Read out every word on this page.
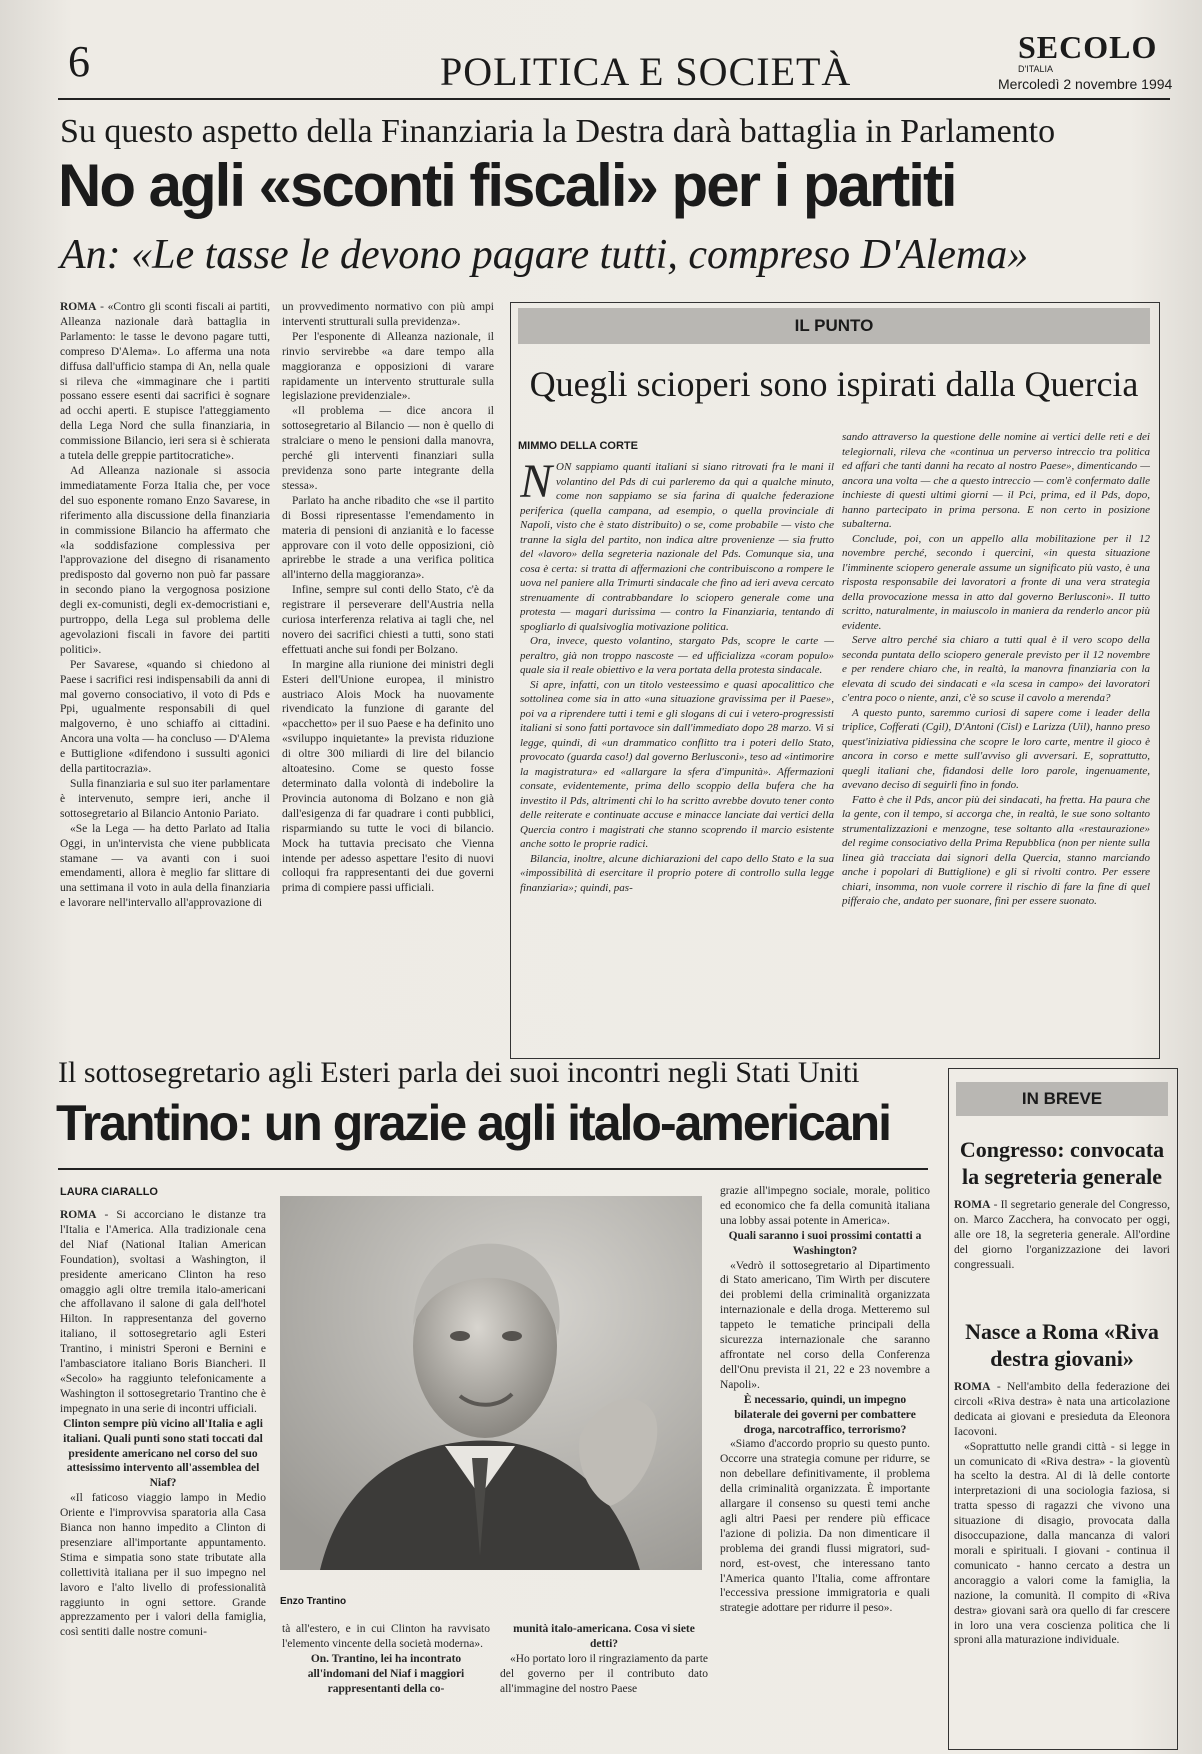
6	POLITICA E SOCIETÀ
SECOLO
D'ITALIA
Mercoledì 2 novembre 1994
Su questo aspetto della Finanziaria la Destra darà battaglia in Parlamento
No agli «sconti fiscali» per i partiti
An: «Le tasse le devono pagare tutti, compreso D'Alema»

ROMA - «Contro gli sconti fiscali ai partiti, Alleanza nazionale darà battaglia in Parlamento: le tasse le devono pagare tutti, compreso D'Alema». Lo afferma una nota diffusa dall'ufficio stampa di An, nella quale si rileva che «immaginare che i partiti possano essere esenti dai sacrifici è sognare ad occhi aperti. E stupisce l'atteggiamento della Lega Nord che sulla finanziaria, in commissione Bilancio, ieri sera si è schierata a tutela delle greppie partitocratiche».

Ad Alleanza nazionale si associa immediatamente Forza Italia che, per voce del suo esponente romano Enzo Savarese, in riferimento alla discussione della finanziaria in commissione Bilancio ha affermato che «la soddisfazione complessiva per l'approvazione del disegno di risanamento predisposto dal governo non può far passare in secondo piano la vergognosa posizione degli ex-comunisti, degli ex-democristiani e, purtroppo, della Lega sul problema delle agevolazioni fiscali in favore dei partiti politici».

Per Savarese, «quando si chiedono al Paese i sacrifici resi indispensabili da anni di mal governo consociativo, il voto di Pds e Ppi, ugualmente responsabili di quel malgoverno, è uno schiaffo ai cittadini. Ancora una volta — ha concluso — D'Alema e Buttiglione «difendono i sussulti agonici della partitocrazia».

Sulla finanziaria e sul suo iter parlamentare è intervenuto, sempre ieri, anche il sottosegretario al Bilancio Antonio Pariato.

«Se la Lega — ha detto Parlato ad Italia Oggi, in un'intervista che viene pubblicata stamane — va avanti con i suoi emendamenti, allora è meglio far slittare di una settimana il voto in aula della finanziaria e lavorare nell'intervallo all'approvazione di

un provvedimento normativo con più ampi interventi strutturali sulla previdenza».

Per l'esponente di Alleanza nazionale, il rinvio servirebbe «a dare tempo alla maggioranza e opposizioni di varare rapidamente un intervento strutturale sulla legislazione previdenziale».

«Il problema — dice ancora il sottosegretario al Bilancio — non è quello di stralciare o meno le pensioni dalla manovra, perché gli interventi finanziari sulla previdenza sono parte integrante della stessa».

Parlato ha anche ribadito che «se il partito di Bossi ripresentasse l'emendamento in materia di pensioni di anzianità e lo facesse approvare con il voto delle opposizioni, ciò aprirebbe le strade a una verifica politica all'interno della maggioranza».

Infine, sempre sul conti dello Stato, c'è da registrare il perseverare dell'Austria nella curiosa interferenza relativa ai tagli che, nel novero dei sacrifici chiesti a tutti, sono stati effettuati anche sui fondi per Bolzano.

In margine alla riunione dei ministri degli Esteri dell'Unione europea, il ministro austriaco Alois Mock ha nuovamente rivendicato la funzione di garante del «pacchetto» per il suo Paese e ha definito uno «sviluppo inquietante» la prevista riduzione di oltre 300 miliardi di lire del bilancio altoatesino. Come se questo fosse determinato dalla volontà di indebolire la Provincia autonoma di Bolzano e non già dall'esigenza di far quadrare i conti pubblici, risparmiando su tutte le voci di bilancio. Mock ha tuttavia precisato che Vienna intende per adesso aspettare l'esito di nuovi colloqui fra rappresentanti dei due governi prima di compiere passi ufficiali.

IL PUNTO
Quegli scioperi sono ispirati dalla Quercia
MIMMO DELLA CORTE

NON sappiamo quanti italiani si siano ritrovati fra le mani il volantino del Pds di cui parleremo da qui a qualche minuto, come non sappiamo se sia farina di qualche federazione periferica (quella campana, ad esempio, o quella provinciale di Napoli, visto che è stato distribuito) o se, come probabile — visto che tranne la sigla del partito, non indica altre provenienze — sia frutto del «lavoro» della segreteria nazionale del Pds. Comunque sia, una cosa è certa: si tratta di affermazioni che contribuiscono a rompere le uova nel paniere alla Trimurti sindacale che fino ad ieri aveva cercato strenuamente di contrabbandare lo sciopero generale come una protesta — magari durissima — contro la Finanziaria, tentando di spogliarlo di qualsivoglia motivazione politica.

Ora, invece, questo volantino, stargato Pds, scopre le carte — peraltro, già non troppo nascoste — ed ufficializza «coram populo» quale sia il reale obiettivo e la vera portata della protesta sindacale.

Si apre, infatti, con un titolo vesteessimo e quasi apocalittico che sottolinea come sia in atto «una situazione gravissima per il Paese», poi va a riprendere tutti i temi e gli slogans di cui i vetero-progressisti italiani si sono fatti portavoce sin dall'immediato dopo 28 marzo. Vi si legge, quindi, di «un drammatico conflitto tra i poteri dello Stato, provocato (guarda caso!) dal governo Berlusconi», teso ad «intimorire la magistratura» ed «allargare la sfera d'impunità». Affermazioni consate, evidentemente, prima dello scoppio della bufera che ha investito il Pds, altrimenti chi lo ha scritto avrebbe dovuto tener conto delle reiterate e continuate accuse e minacce lanciate dai vertici della Quercia contro i magistrati che stanno scoprendo il marcio esistente anche sotto le proprie radici.

Bilancia, inoltre, alcune dichiarazioni del capo dello Stato e la sua «impossibilità di esercitare il proprio potere di controllo sulla legge finanziaria»; quindi, pas-

sando attraverso la questione delle nomine ai vertici delle reti e dei telegiornali, rileva che «continua un perverso intreccio tra politica ed affari che tanti danni ha recato al nostro Paese», dimenticando — ancora una volta — che a questo intreccio — com'è confermato dalle inchieste di questi ultimi giorni — il Pci, prima, ed il Pds, dopo, hanno partecipato in prima persona. E non certo in posizione subalterna.

Conclude, poi, con un appello alla mobilitazione per il 12 novembre perché, secondo i quercini, «in questa situazione l'imminente sciopero generale assume un significato più vasto, è una risposta responsabile dei lavoratori a fronte di una vera strategia della provocazione messa in atto dal governo Berlusconi». Il tutto scritto, naturalmente, in maiuscolo in maniera da renderlo ancor più evidente.

Serve altro perché sia chiaro a tutti qual è il vero scopo della seconda puntata dello sciopero generale previsto per il 12 novembre e per rendere chiaro che, in realtà, la manovra finanziaria con la elevata di scudo dei sindacati e «la scesa in campo» dei lavoratori c'entra poco o niente, anzi, c'è so scuse il cavolo a merenda?

A questo punto, saremmo curiosi di sapere come i leader della triplice, Cofferati (Cgil), D'Antoni (Cisl) e Larizza (Uil), hanno preso quest'iniziativa pidiessina che scopre le loro carte, mentre il gioco è ancora in corso e mette sull'avviso gli avversari. E, soprattutto, quegli italiani che, fidandosi delle loro parole, ingenuamente, avevano deciso di seguirli fino in fondo.

Fatto è che il Pds, ancor più dei sindacati, ha fretta. Ha paura che la gente, con il tempo, si accorga che, in realtà, le sue sono soltanto strumentalizzazioni e menzogne, tese soltanto alla «restaurazione» del regime consociativo della Prima Repubblica (non per niente sulla linea già tracciata dai signori della Quercia, stanno marciando anche i popolari di Buttiglione) e gli si rivolti contro. Per essere chiari, insomma, non vuole correre il rischio di fare la fine di quel pifferaio che, andato per suonare, finì per essere suonato.

Il sottosegretario agli Esteri parla dei suoi incontri negli Stati Uniti
Trantino: un grazie agli italo-americani
LAURA CIARALLO

ROMA - Si accorciano le distanze tra l'Italia e l'America. Alla tradizionale cena del Niaf (National Italian American Foundation), svoltasi a Washington, il presidente americano Clinton ha reso omaggio agli oltre tremila italo-americani che affollavano il salone di gala dell'hotel Hilton. In rappresentanza del governo italiano, il sottosegretario agli Esteri Trantino, i ministri Speroni e Bernini e l'ambasciatore italiano Boris Biancheri. Il «Secolo» ha raggiunto telefonicamente a Washington il sottosegretario Trantino che è impegnato in una serie di incontri ufficiali.

Clinton sempre più vicino all'Italia e agli italiani. Quali punti sono stati toccati dal presidente americano nel corso del suo attesissimo intervento all'assemblea del Niaf?

«Il faticoso viaggio lampo in Medio Oriente e l'improvvisa sparatoria alla Casa Bianca non hanno impedito a Clinton di presenziare all'importante appuntamento. Stima e simpatia sono state tributate alla collettività italiana per il suo impegno nel lavoro e l'alto livello di professionalità raggiunto in ogni settore. Grande apprezzamento per i valori della famiglia, così sentiti dalle nostre comuni-

Enzo Trantino

tà all'estero, e in cui Clinton ha ravvisato l'elemento vincente della società moderna».

On. Trantino, lei ha incontrato all'indomani del Niaf i maggiori rappresentanti della co-

munità italo-americana. Cosa vi siete detti?

«Ho portato loro il ringraziamento da parte del governo per il contributo dato all'immagine del nostro Paese

grazie all'impegno sociale, morale, politico ed economico che fa della comunità italiana una lobby assai potente in America».

Quali saranno i suoi prossimi contatti a Washington?

«Vedrò il sottosegretario al Dipartimento di Stato americano, Tim Wirth per discutere dei problemi della criminalità organizzata internazionale e della droga. Metteremo sul tappeto le tematiche principali della sicurezza internazionale che saranno affrontate nel corso della Conferenza dell'Onu prevista il 21, 22 e 23 novembre a Napoli».

È necessario, quindi, un impegno bilaterale dei governi per combattere droga, narcotraffico, terrorismo?

«Siamo d'accordo proprio su questo punto. Occorre una strategia comune per ridurre, se non debellare definitivamente, il problema della criminalità organizzata. È importante allargare il consenso su questi temi anche agli altri Paesi per rendere più efficace l'azione di polizia. Da non dimenticare il problema dei grandi flussi migratori, sud-nord, est-ovest, che interessano tanto l'America quanto l'Italia, come affrontare l'eccessiva pressione immigratoria e quali strategie adottare per ridurre il peso».

IN BREVE
Congresso: convocata la segreteria generale

ROMA - Il segretario generale del Congresso, on. Marco Zacchera, ha convocato per oggi, alle ore 18, la segreteria generale. All'ordine del giorno l'organizzazione dei lavori congressuali.

Nasce a Roma «Riva destra giovani»

ROMA - Nell'ambito della federazione dei circoli «Riva destra» è nata una articolazione dedicata ai giovani e presieduta da Eleonora Iacovoni.

«Soprattutto nelle grandi città - si legge in un comunicato di «Riva destra» - la gioventù ha scelto la destra. Al di là delle contorte interpretazioni di una sociologia faziosa, si tratta spesso di ragazzi che vivono una situazione di disagio, provocata dalla disoccupazione, dalla mancanza di valori morali e spirituali. I giovani - continua il comunicato - hanno cercato a destra un ancoraggio a valori come la famiglia, la nazione, la comunità. Il compito di «Riva destra» giovani sarà ora quello di far crescere in loro una vera coscienza politica che li sproni alla maturazione individuale.
